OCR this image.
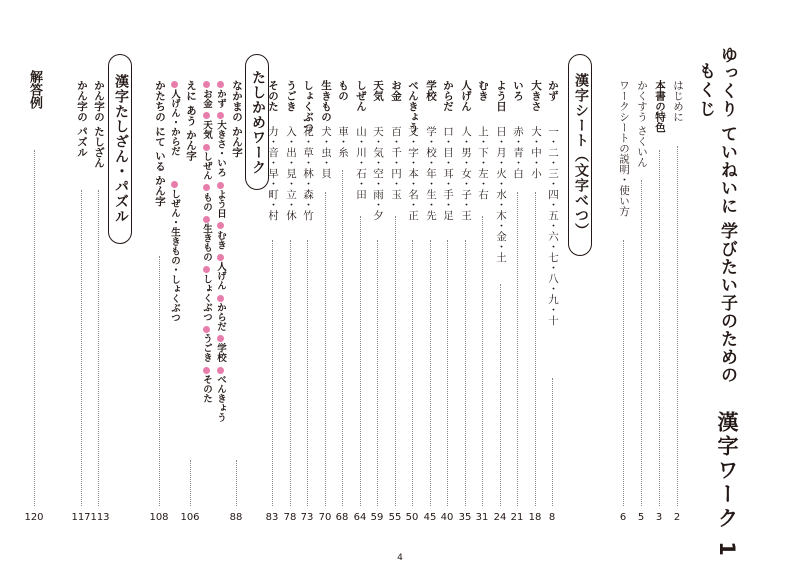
ゆっくり ていねいに 学びたい子のための 漢字ワーク 1
もくじ
はじめに
本書の特色
かくすう さくいん
ワークシートの説明・使い方
2
3
5
6
漢字シート（文字べつ）
かず
一・二・三・四・五・六・七・八・九・十
大きさ
大・中・小
いろ
赤・青・白
よう日
日・月・火・水・木・金・土
むき
上・下・左・右
人げん
人・男・女・子・王
からだ
口・目・耳・手・足
学校
学・校・年・生・先
べんきょう
文・字・本・名・正
お金
百・千・円・玉
天気
天・気・空・雨・夕
しぜん
山・川・石・田
もの
車・糸
生きもの
犬・虫・貝
しょくぶつ
花・草・林・森・竹
うごき
入・出・見・立・休
そのた
力・音・早・町・村
8
18
21
24
31
35
40
45
50
55
59
64
68
70
73
78
83
たしかめワーク
なかまの かん字
かず 大きさ・いろ よう日 むき 人げん からだ 学校 べんきょう
お金 天気 しぜん もの 生きもの しょくぶつ うごき そのた
えに あう かん字
人げん・からだ  しぜん・生きもの・しょくぶつ
かたちの にて いる かん字
88
106
108
漢字たしざん・パズル
かん字の たしざん
かん字の パズル
113
117
解答例
120
4
